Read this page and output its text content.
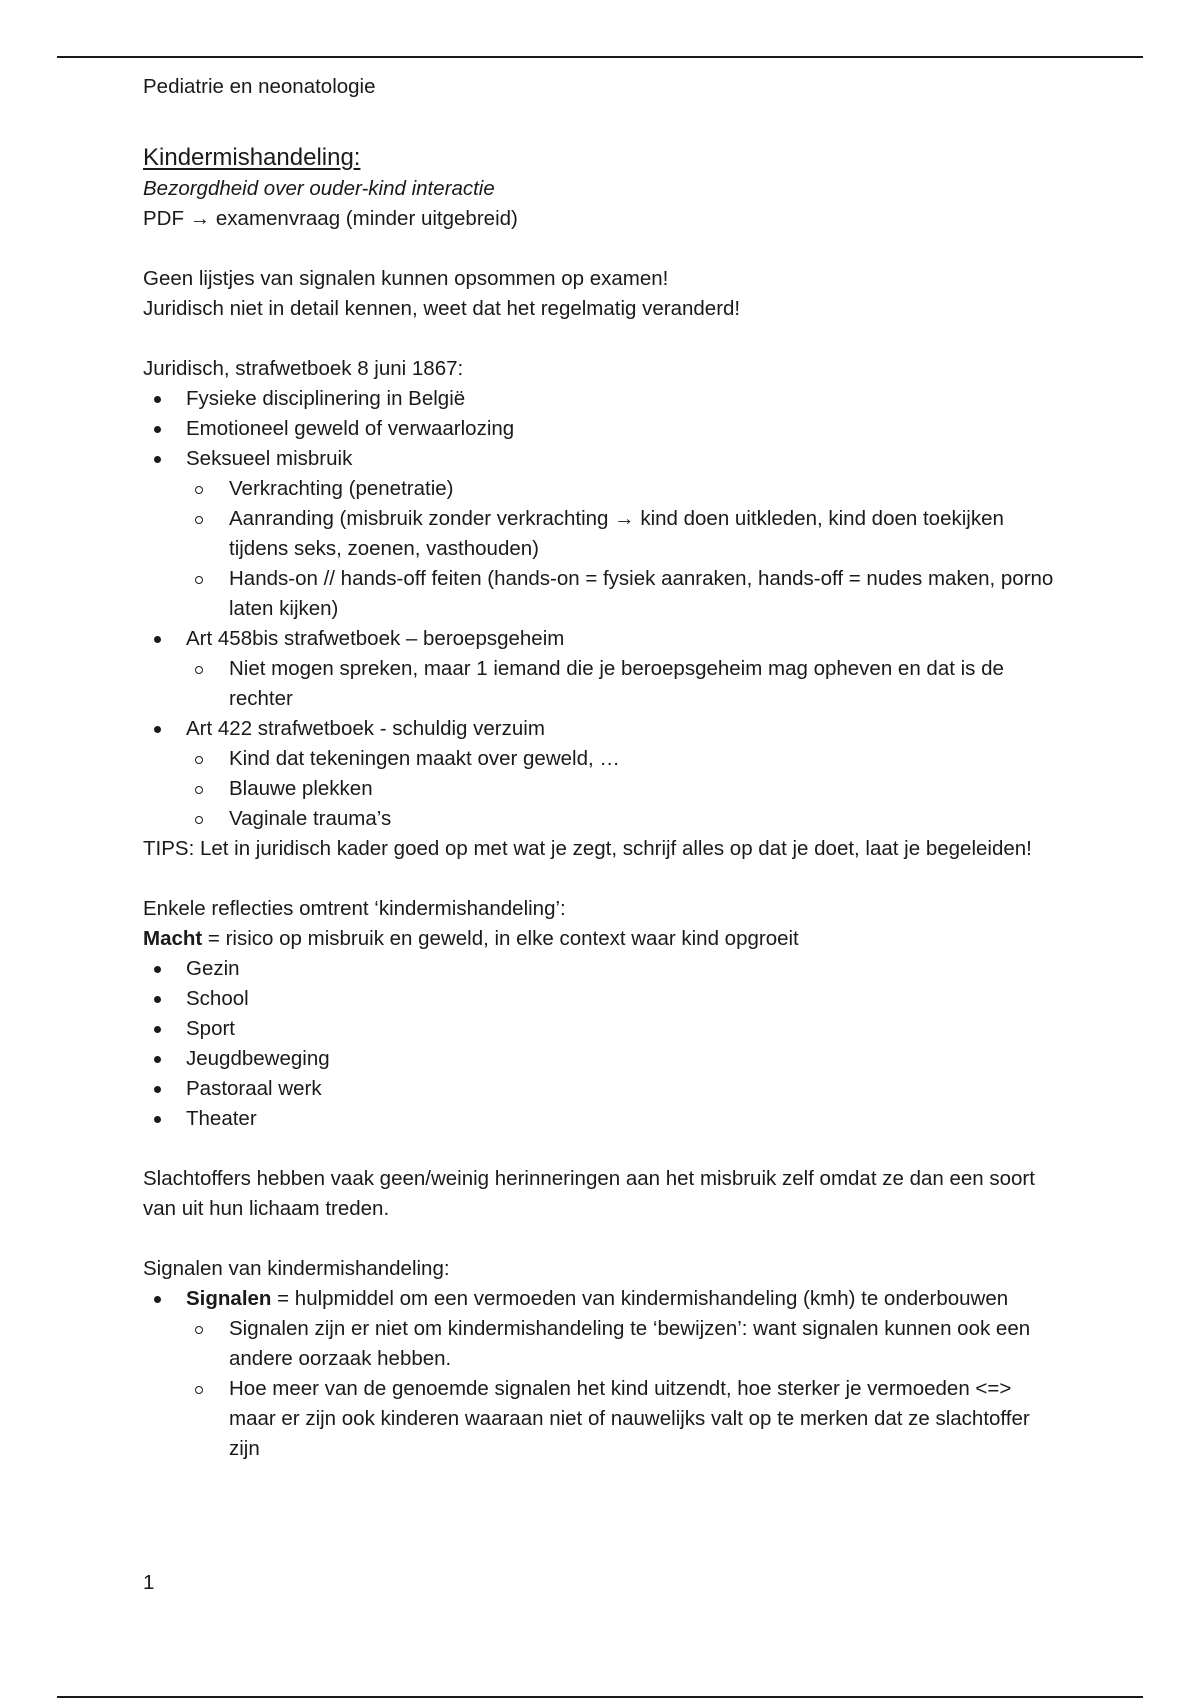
Pediatrie en neonatologie

Kindermishandeling:

Bezorgdheid over ouder-kind interactie

PDF → examenvraag (minder uitgebreid)

Geen lijstjes van signalen kunnen opsommen op examen!

Juridisch niet in detail kennen, weet dat het regelmatig veranderd!

Juridisch, strafwetboek 8 juni 1867:

Fysieke disciplinering in België
Emotioneel geweld of verwaarlozing
Seksueel misbruik
Verkrachting (penetratie)
Aanranding (misbruik zonder verkrachting → kind doen uitkleden, kind doen toekijken tijdens seks, zoenen, vasthouden)
Hands-on // hands-off feiten (hands-on = fysiek aanraken, hands-off = nudes maken, porno laten kijken)
Art 458bis strafwetboek – beroepsgeheim
Niet mogen spreken, maar 1 iemand die je beroepsgeheim mag opheven en dat is de rechter
Art 422 strafwetboek - schuldig verzuim
Kind dat tekeningen maakt over geweld, …
Blauwe plekken
Vaginale trauma’s

TIPS: Let in juridisch kader goed op met wat je zegt, schrijf alles op dat je doet, laat je begeleiden!

Enkele reflecties omtrent ‘kindermishandeling’:

Macht = risico op misbruik en geweld, in elke context waar kind opgroeit

Gezin
School
Sport
Jeugdbeweging
Pastoraal werk
Theater

Slachtoffers hebben vaak geen/weinig herinneringen aan het misbruik zelf omdat ze dan een soort van uit hun lichaam treden.

Signalen van kindermishandeling:

Signalen = hulpmiddel om een vermoeden van kindermishandeling (kmh) te onderbouwen
Signalen zijn er niet om kindermishandeling te ‘bewijzen’: want signalen kunnen ook een andere oorzaak hebben.
Hoe meer van de genoemde signalen het kind uitzendt, hoe sterker je vermoeden <=> maar er zijn ook kinderen waaraan niet of nauwelijks valt op te merken dat ze slachtoffer zijn
1
